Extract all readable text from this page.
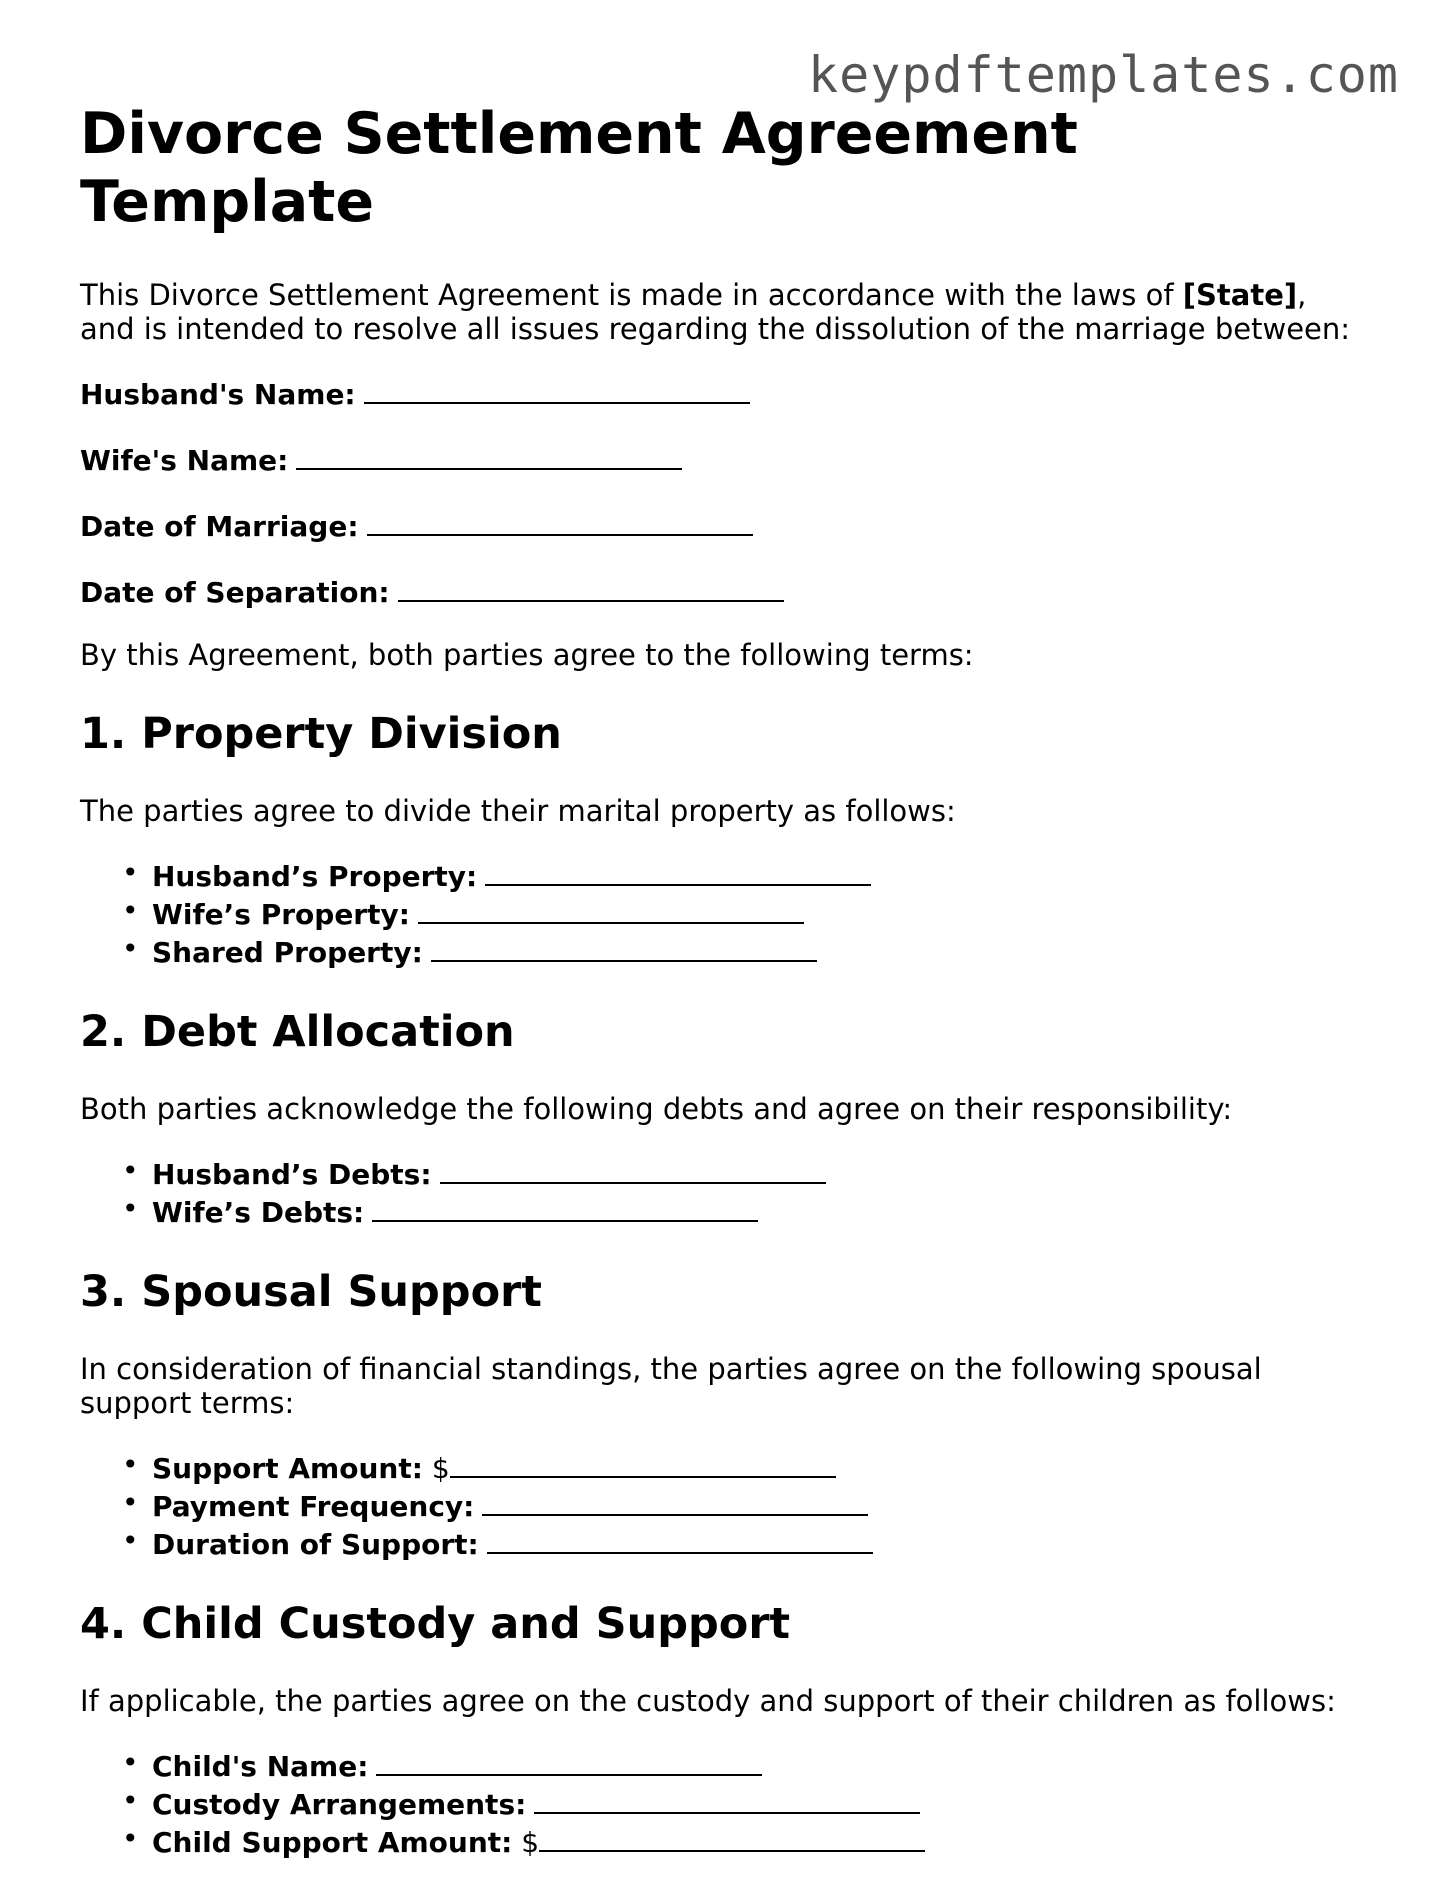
keypdftemplates.com
Divorce Settlement Agreement Template

This Divorce Settlement Agreement is made in accordance with the laws of [State], and is intended to resolve all issues regarding the dissolution of the marriage between:

Husband's Name:
Wife's Name:
Date of Marriage:
Date of Separation:

By this Agreement, both parties agree to the following terms:

1. Property Division

The parties agree to divide their marital property as follows:

• Husband’s Property:
• Wife’s Property:
• Shared Property:
2. Debt Allocation

Both parties acknowledge the following debts and agree on their responsibility:

• Husband’s Debts:
• Wife’s Debts:
3. Spousal Support

In consideration of financial standings, the parties agree on the following spousal support terms:

• Support Amount: $
• Payment Frequency:
• Duration of Support:
4. Child Custody and Support

If applicable, the parties agree on the custody and support of their children as follows:

• Child's Name:
• Custody Arrangements:
• Child Support Amount: $
